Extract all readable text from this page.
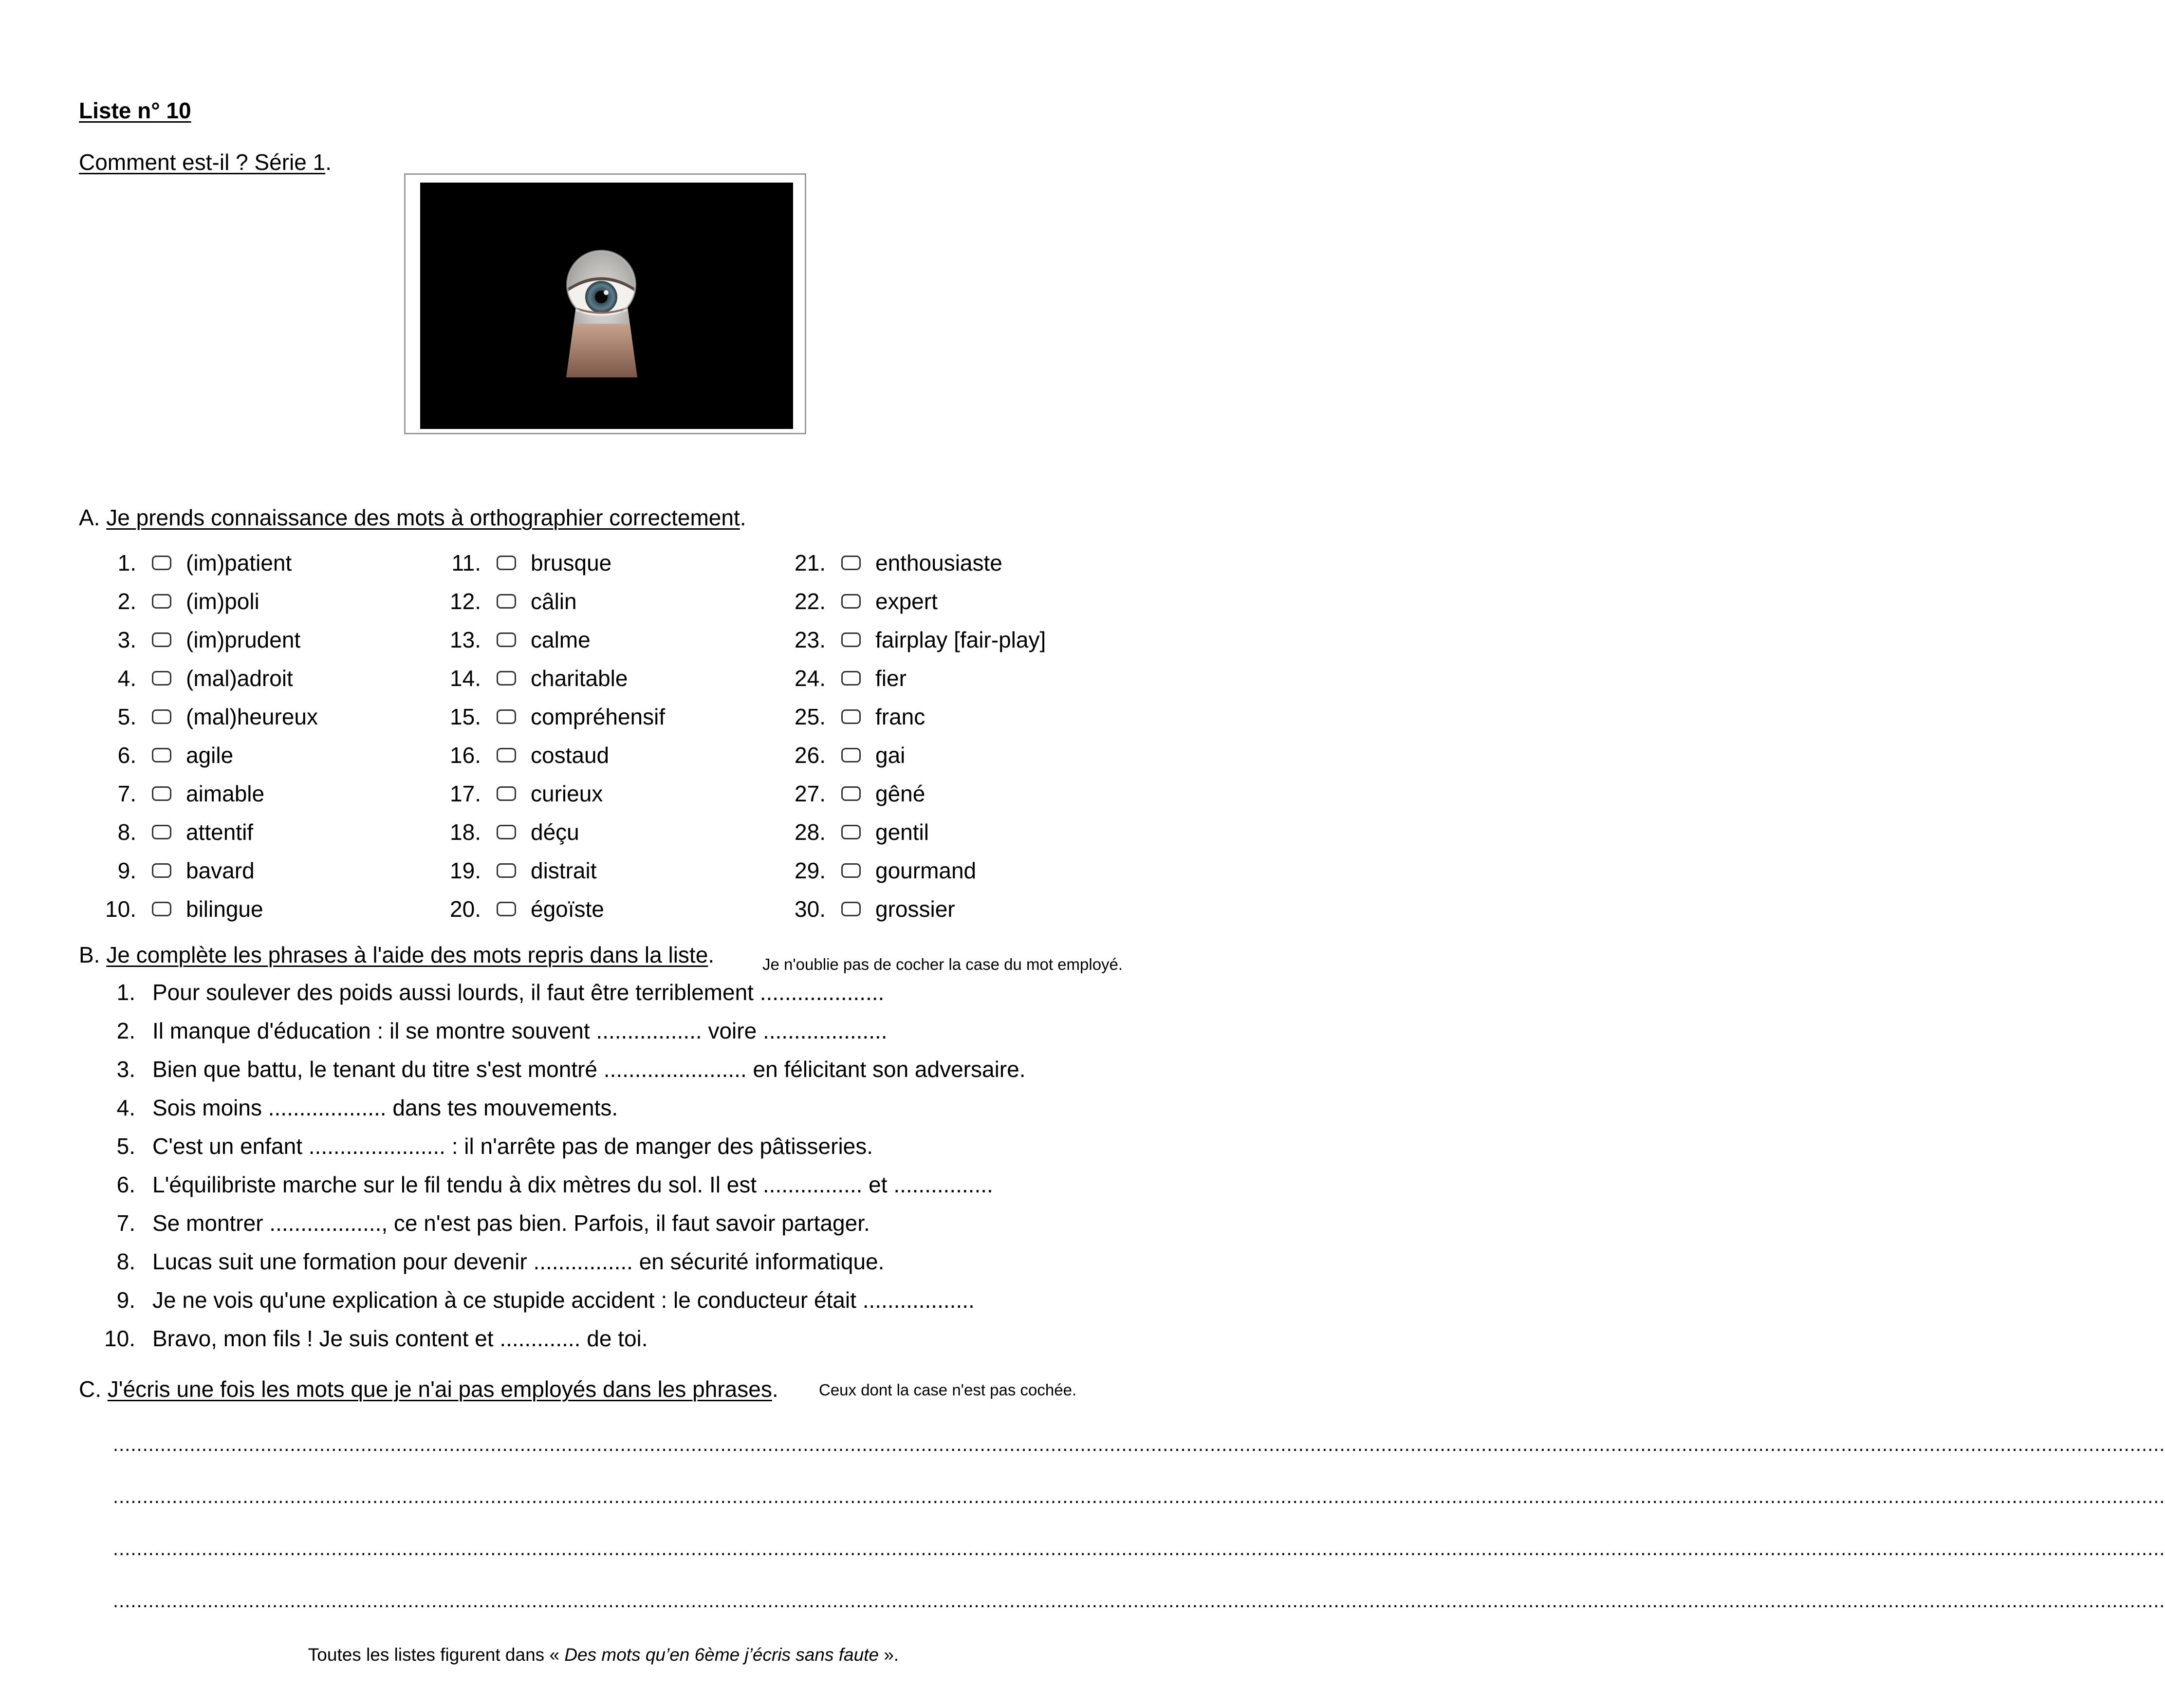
Liste n° 10
Comment est-il ? Série 1.
A. Je prends connaissance des mots à orthographier correctement.
1. (im)patient
2. (im)poli
3. (im)prudent
4. (mal)adroit
5. (mal)heureux
6. agile
7. aimable
8. attentif
9. bavard
10. bilingue
11. brusque
12. câlin
13. calme
14. charitable
15. compréhensif
16. costaud
17. curieux
18. déçu
19. distrait
20. égoïste
21. enthousiaste
22. expert
23. fairplay [fair-play]
24. fier
25. franc
26. gai
27. gêné
28. gentil
29. gourmand
30. grossier
B. Je complète les phrases à l'aide des mots repris dans la liste.	Je n'oublie pas de cocher la case du mot employé.
1. Pour soulever des poids aussi lourds, il faut être terriblement ....................
2. Il manque d'éducation : il se montre souvent ................. voire ....................
3. Bien que battu, le tenant du titre s'est montré ....................... en félicitant son adversaire.
4. Sois moins ................... dans tes mouvements.
5. C'est un enfant ...................... : il n'arrête pas de manger des pâtisseries.
6. L'équilibriste marche sur le fil tendu à dix mètres du sol. Il est ................ et ................
7. Se montrer .................., ce n'est pas bien. Parfois, il faut savoir partager.
8. Lucas suit une formation pour devenir ................ en sécurité informatique.
9. Je ne vois qu'une explication à ce stupide accident : le conducteur était ..................
10. Bravo, mon fils ! Je suis content et ............. de toi.
C. J'écris une fois les mots que je n'ai pas employés dans les phrases.	Ceux dont la case n'est pas cochée.
............................................................................................................................................................................................................................................................................................................................................................
............................................................................................................................................................................................................................................................................................................................................................
............................................................................................................................................................................................................................................................................................................................................................
............................................................................................................................................................................................................................................................................................................................................................
Toutes les listes figurent dans « Des mots qu’en 6ème j’écris sans faute ».
